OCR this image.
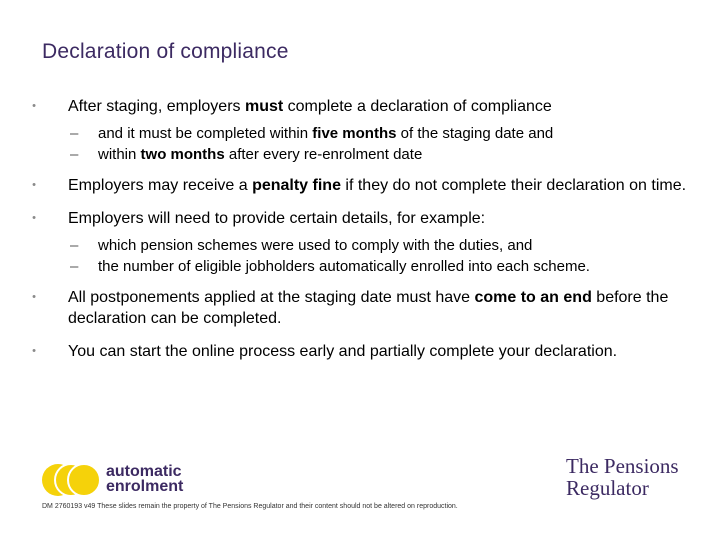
Declaration of compliance
• After staging, employers must complete a declaration of compliance
– and it must be completed within five months of the staging date and
– within two months after every re-enrolment date
• Employers may receive a penalty fine if they do not complete their declaration on time.
• Employers will need to provide certain details, for example:
– which pension schemes were used to comply with the duties, and
– the number of eligible jobholders automatically enrolled into each scheme.
• All postponements applied at the staging date must have come to an end before the declaration can be completed.
• You can start the online process early and partially complete your declaration.
automatic
enrolment
The Pensions
Regulator
DM 2760193 v49 These slides remain the property of The Pensions Regulator and their content should not be altered on reproduction.
